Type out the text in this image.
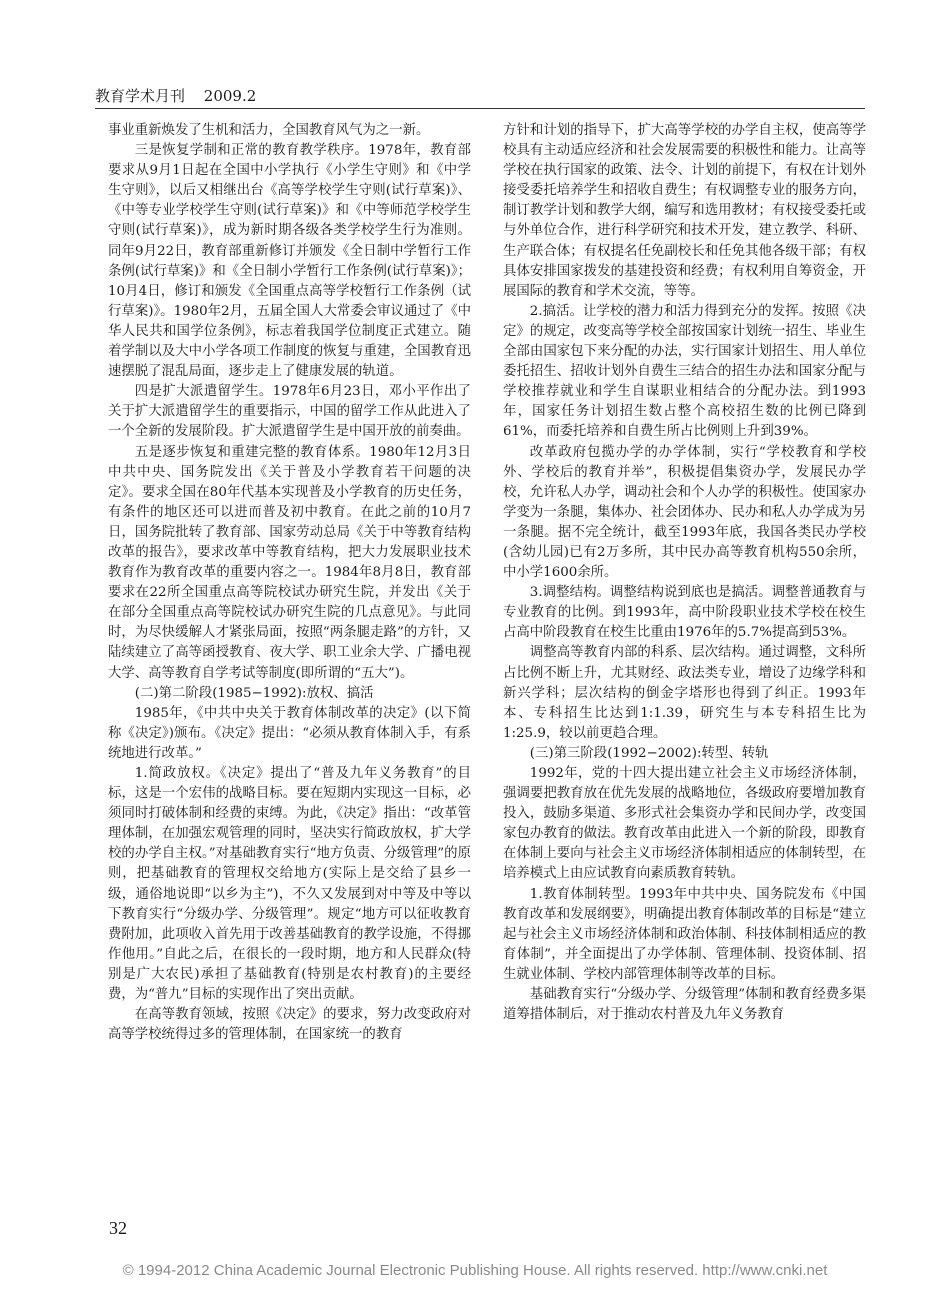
教育学术月刊 2009.2

事业重新焕发了生机和活力，全国教育风气为之一新。

三是恢复学制和正常的教育教学秩序。1978年，教育部要求从9月1日起在全国中小学执行《小学生守则》和《中学生守则》，以后又相继出台《高等学校学生守则(试行草案)》、《中等专业学校学生守则(试行草案)》和《中等师范学校学生守则(试行草案)》，成为新时期各级各类学校学生行为准则。同年9月22日，教育部重新修订并颁发《全日制中学暂行工作条例(试行草案)》和《全日制小学暂行工作条例(试行草案)》；10月4日，修订和颁发《全国重点高等学校暂行工作条例（试行草案)》。1980年2月，五届全国人大常委会审议通过了《中华人民共和国学位条例》，标志着我国学位制度正式建立。随着学制以及大中小学各项工作制度的恢复与重建，全国教育迅速摆脱了混乱局面，逐步走上了健康发展的轨道。

四是扩大派遣留学生。1978年6月23日，邓小平作出了关于扩大派遣留学生的重要指示，中国的留学工作从此进入了一个全新的发展阶段。扩大派遣留学生是中国开放的前奏曲。

五是逐步恢复和重建完整的教育体系。1980年12月3日中共中央、国务院发出《关于普及小学教育若干问题的决定》。要求全国在80年代基本实现普及小学教育的历史任务，有条件的地区还可以进而普及初中教育。在此之前的10月7日，国务院批转了教育部、国家劳动总局《关于中等教育结构改革的报告》，要求改革中等教育结构，把大力发展职业技术教育作为教育改革的重要内容之一。1984年8月8日，教育部要求在22所全国重点高等院校试办研究生院，并发出《关于在部分全国重点高等院校试办研究生院的几点意见》。与此同时，为尽快缓解人才紧张局面，按照“两条腿走路”的方针，又陆续建立了高等函授教育、夜大学、职工业余大学、广播电视大学、高等教育自学考试等制度(即所谓的“五大”)。

(二)第二阶段(1985−1992):放权、搞活

1985年，《中共中央关于教育体制改革的决定》(以下简称《决定》)颁布。《决定》提出：“必须从教育体制入手，有系统地进行改革。”

1.简政放权。《决定》提出了“普及九年义务教育”的目标，这是一个宏伟的战略目标。要在短期内实现这一目标，必须同时打破体制和经费的束缚。为此，《决定》指出：“改革管理体制，在加强宏观管理的同时，坚决实行简政放权，扩大学校的办学自主权。”对基础教育实行“地方负责、分级管理”的原则，把基础教育的管理权交给地方(实际上是交给了县乡一级，通俗地说即“以乡为主”)，不久又发展到对中等及中等以下教育实行“分级办学、分级管理”。规定“地方可以征收教育费附加，此项收入首先用于改善基础教育的教学设施，不得挪作他用。”自此之后，在很长的一段时期，地方和人民群众(特别是广大农民)承担了基础教育(特别是农村教育)的主要经费，为“普九”目标的实现作出了突出贡献。

在高等教育领域，按照《决定》的要求，努力改变政府对高等学校统得过多的管理体制，在国家统一的教育

方针和计划的指导下，扩大高等学校的办学自主权，使高等学校具有主动适应经济和社会发展需要的积极性和能力。让高等学校在执行国家的政策、法令、计划的前提下，有权在计划外接受委托培养学生和招收自费生；有权调整专业的服务方向，制订教学计划和教学大纲，编写和选用教材；有权接受委托或与外单位合作，进行科学研究和技术开发，建立教学、科研、生产联合体；有权提名任免副校长和任免其他各级干部；有权具体安排国家拨发的基建投资和经费；有权利用自筹资金，开展国际的教育和学术交流，等等。

2.搞活。让学校的潜力和活力得到充分的发挥。按照《决定》的规定，改变高等学校全部按国家计划统一招生、毕业生全部由国家包下来分配的办法，实行国家计划招生、用人单位委托招生、招收计划外自费生三结合的招生办法和国家分配与学校推荐就业和学生自谋职业相结合的分配办法。到1993年，国家任务计划招生数占整个高校招生数的比例已降到61%，而委托培养和自费生所占比例则上升到39%。

改革政府包揽办学的办学体制，实行“学校教育和学校外、学校后的教育并举”，积极提倡集资办学，发展民办学校，允许私人办学，调动社会和个人办学的积极性。使国家办学变为一条腿，集体办、社会团体办、民办和私人办学成为另一条腿。据不完全统计，截至1993年底，我国各类民办学校(含幼儿园)已有2万多所，其中民办高等教育机构550余所，中小学1600余所。

3.调整结构。调整结构说到底也是搞活。调整普通教育与专业教育的比例。到1993年，高中阶段职业技术学校在校生占高中阶段教育在校生比重由1976年的5.7%提高到53%。

调整高等教育内部的科系、层次结构。通过调整，文科所占比例不断上升，尤其财经、政法类专业，增设了边缘学科和新兴学科；层次结构的倒金字塔形也得到了纠正。1993年本、专科招生比达到1:1.39，研究生与本专科招生比为1:25.9，较以前更趋合理。

(三)第三阶段(1992−2002):转型、转轨

1992年，党的十四大提出建立社会主义市场经济体制，强调要把教育放在优先发展的战略地位，各级政府要增加教育投入，鼓励多渠道、多形式社会集资办学和民间办学，改变国家包办教育的做法。教育改革由此进入一个新的阶段，即教育在体制上要向与社会主义市场经济体制相适应的体制转型，在培养模式上由应试教育向素质教育转轨。

1.教育体制转型。1993年中共中央、国务院发布《中国教育改革和发展纲要》，明确提出教育体制改革的目标是“建立起与社会主义市场经济体制和政治体制、科技体制相适应的教育体制”，并全面提出了办学体制、管理体制、投资体制、招生就业体制、学校内部管理体制等改革的目标。

基础教育实行“分级办学、分级管理”体制和教育经费多渠道筹措体制后，对于推动农村普及九年义务教育

32
© 1994-2012 China Academic Journal Electronic Publishing House. All rights reserved. http://www.cnki.net
